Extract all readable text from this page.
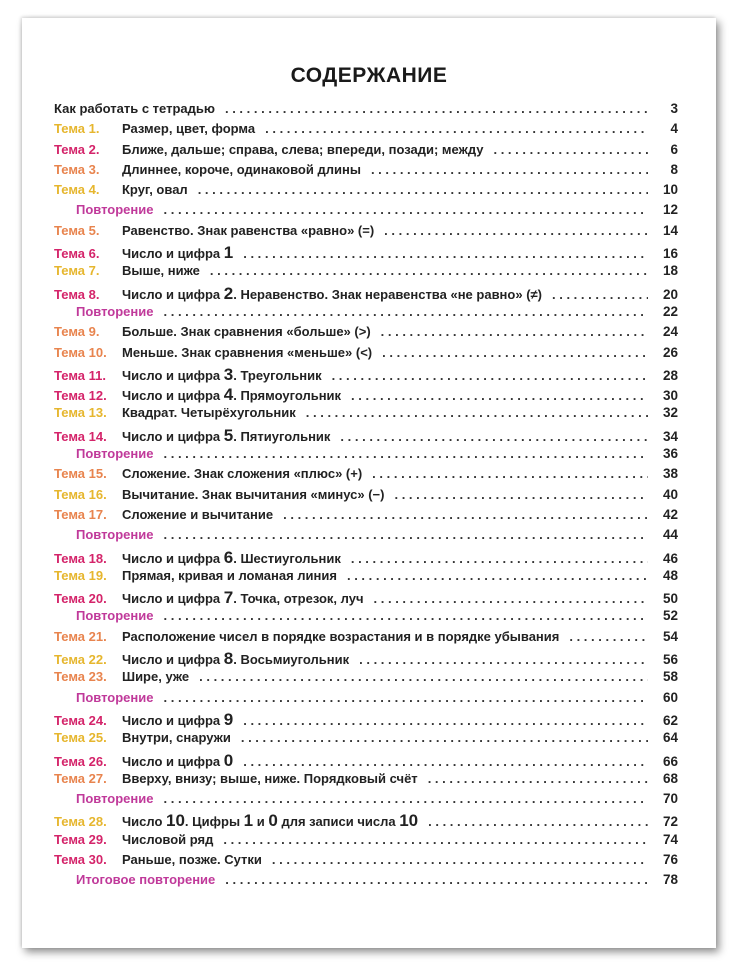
СОДЕРЖАНИЕ
Как работать с тетрадью . . .	3
Тема 1.	Размер, цвет, форма . . .	4
Тема 2.	Ближе, дальше; справа, слева; впереди, позади; между . . .	6
Тема 3.	Длиннее, короче, одинаковой длины . . .	8
Тема 4.	Круг, овал . . .	10
Повторение . . .	12
Тема 5.	Равенство. Знак равенства «равно» (=) . . .	14
Тема 6.	Число и цифра 1 . . .	16
Тема 7.	Выше, ниже . . .	18
Тема 8.	Число и цифра 2. Неравенство. Знак неравенства «не равно» (≠) . . .	20
Повторение . . .	22
Тема 9.	Больше. Знак сравнения «больше» (>) . . .	24
Тема 10.	Меньше. Знак сравнения «меньше» (<) . . .	26
Тема 11.	Число и цифра 3. Треугольник . . .	28
Тема 12.	Число и цифра 4. Прямоугольник . . .	30
Тема 13.	Квадрат. Четырёхугольник . . .	32
Тема 14.	Число и цифра 5. Пятиугольник . . .	34
Повторение . . .	36
Тема 15.	Сложение. Знак сложения «плюс» (+) . . .	38
Тема 16.	Вычитание. Знак вычитания «минус» (−) . . .	40
Тема 17.	Сложение и вычитание . . .	42
Повторение . . .	44
Тема 18.	Число и цифра 6. Шестиугольник . . .	46
Тема 19.	Прямая, кривая и ломаная линия . . .	48
Тема 20.	Число и цифра 7. Точка, отрезок, луч . . .	50
Повторение . . .	52
Тема 21.	Расположение чисел в порядке возрастания и в порядке убывания . . .	54
Тема 22.	Число и цифра 8. Восьмиугольник . . .	56
Тема 23.	Шире, уже . . .	58
Повторение . . .	60
Тема 24.	Число и цифра 9 . . .	62
Тема 25.	Внутри, снаружи . . .	64
Тема 26.	Число и цифра 0 . . .	66
Тема 27.	Вверху, внизу; выше, ниже. Порядковый счёт . . .	68
Повторение . . .	70
Тема 28.	Число 10. Цифры 1 и 0 для записи числа 10 . . .	72
Тема 29.	Числовой ряд . . .	74
Тема 30.	Раньше, позже. Сутки . . .	76
Итоговое повторение . . .	78
